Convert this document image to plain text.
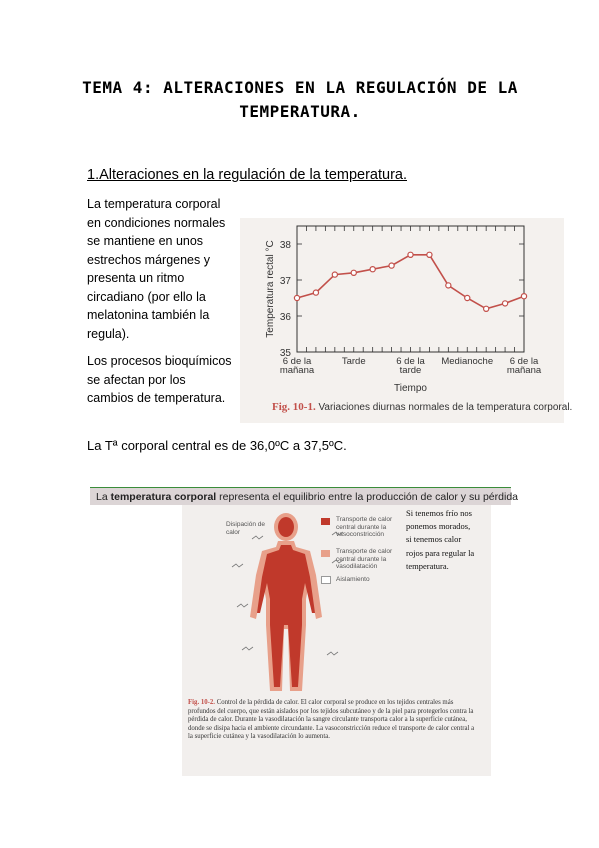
TEMA 4: ALTERACIONES EN LA REGULACIÓN DE LA
TEMPERATURA.
1.Alteraciones en la regulación de la temperatura.
La temperatura corporal en condiciones normales se mantiene en unos estrechos márgenes y presenta un ritmo circadiano (por ello la melatonina también la regula).
Los procesos bioquímicos se afectan por los cambios de temperatura.
La Tª corporal central es de 36,0ºC a 37,5ºC.
35
36
37
38
6 de la mañana
Tarde	6 de la tarde
Medianoche	6 de la mañana
Temperatura rectal °C
Tiempo
Fig. 10-1. Variaciones diurnas normales de la temperatura corporal.
La temperatura corporal representa el equilibrio entre la producción de calor y su pérdida
Disipación de calor
Transporte de calor central durante la vasoconstricción
Transporte de calor central durante la vasodilatación
Aislamiento
Fig. 10-2. Control de la pérdida de calor. El calor corporal se produce en los tejidos centrales más profundos del cuerpo, que están aislados por los tejidos subcutáneo y de la piel para protegerlos contra la pérdida de calor. Durante la vasodilatación la sangre circulante transporta calor a la superficie cutánea, donde se disipa hacia el ambiente circundante. La vasoconstricción reduce el transporte de calor central a la superficie cutánea y la vasodilatación lo aumenta.
Si tenemos frío nos ponemos morados, si tenemos calor rojos para regular la temperatura.
